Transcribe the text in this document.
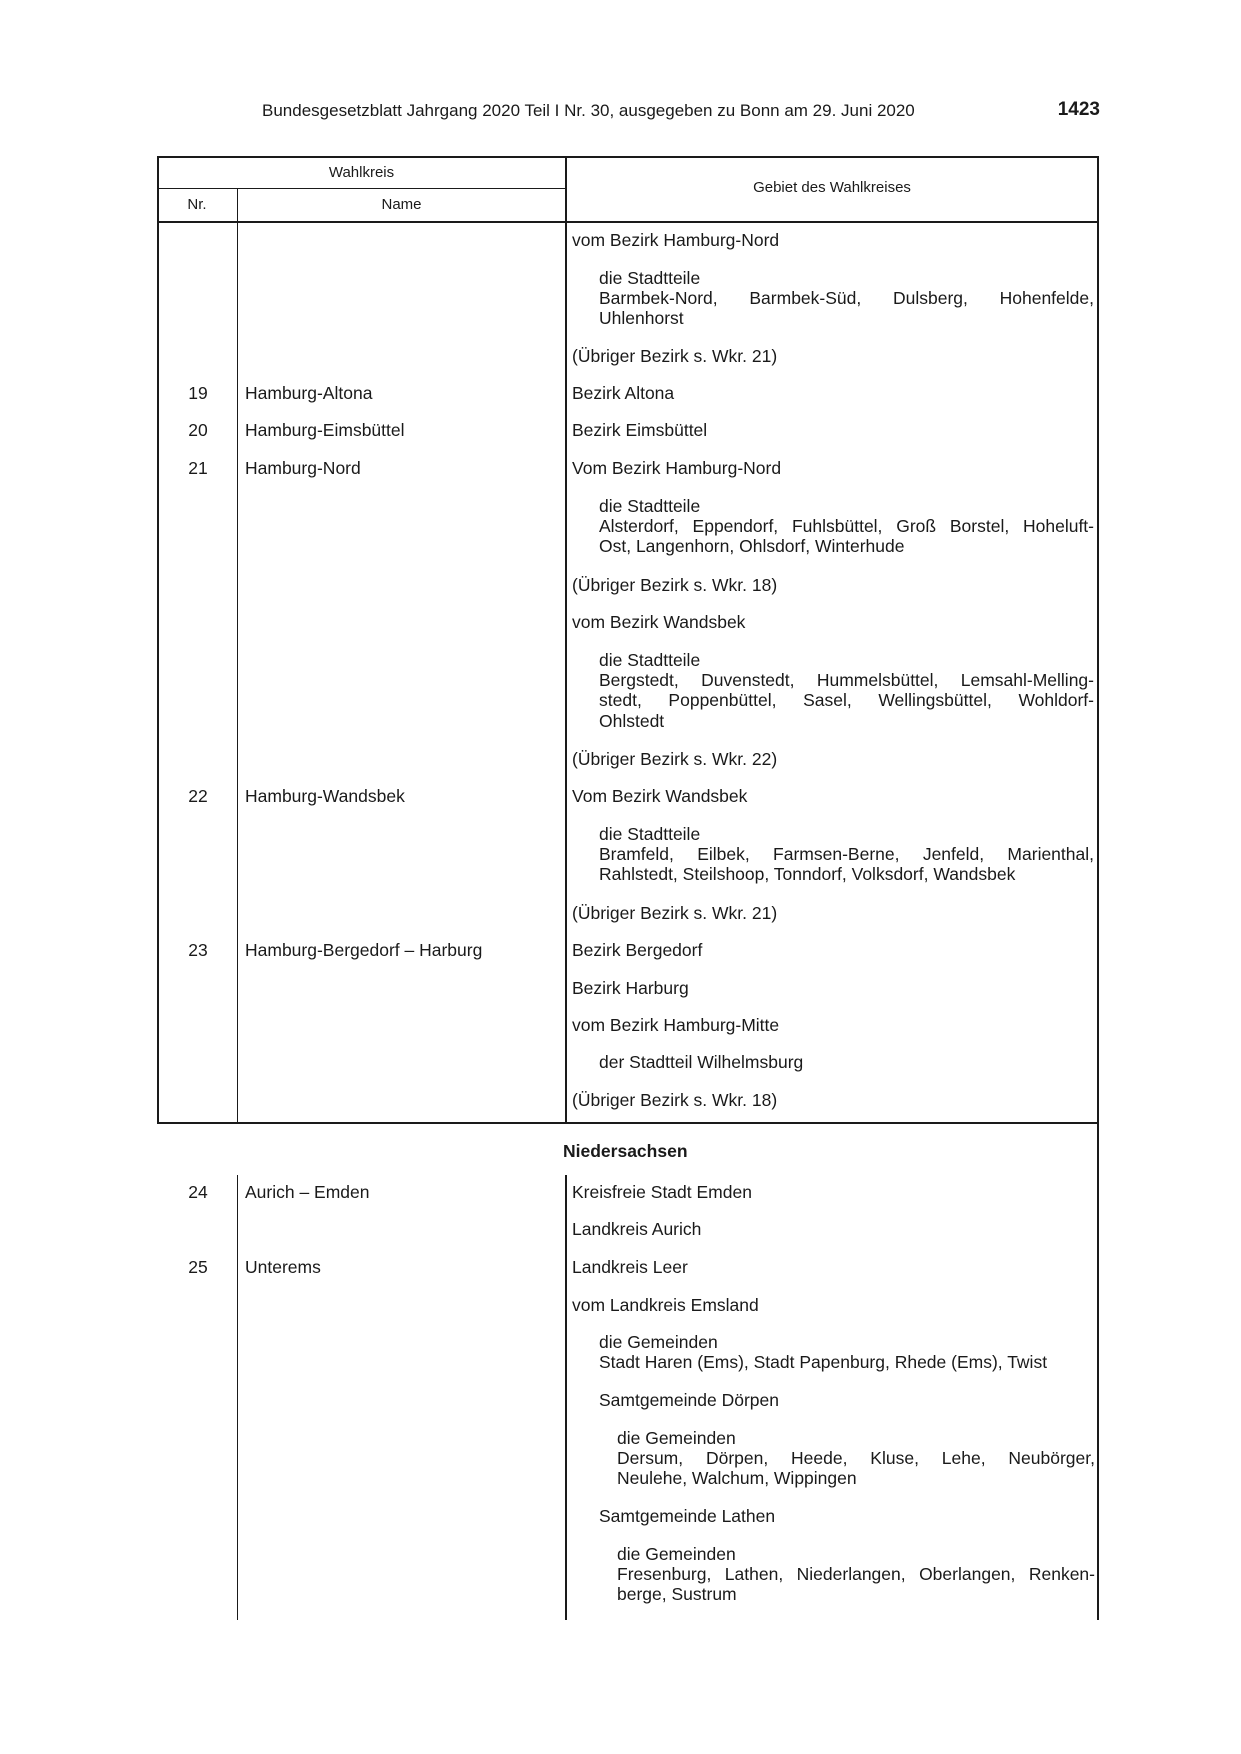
Bundesgesetzblatt Jahrgang 2020 Teil I Nr. 30, ausgegeben zu Bonn am 29. Juni 2020	1423
Wahlkreis
Nr.	Name
Gebiet des Wahlkreises
vom Bezirk Hamburg-Nord
die Stadtteile
Barmbek-Nord, Barmbek-Süd, Dulsberg, Hohenfelde,
Uhlenhorst
(Übriger Bezirk s. Wkr. 21)
19	Hamburg-Altona	Bezirk Altona
20	Hamburg-Eimsbüttel	Bezirk Eimsbüttel
21	Hamburg-Nord	Vom Bezirk Hamburg-Nord
die Stadtteile
Alsterdorf, Eppendorf, Fuhlsbüttel, Groß Borstel, Hoheluft-
Ost, Langenhorn, Ohlsdorf, Winterhude
(Übriger Bezirk s. Wkr. 18)
vom Bezirk Wandsbek
die Stadtteile
Bergstedt, Duvenstedt, Hummelsbüttel, Lemsahl-Melling-
stedt, Poppenbüttel, Sasel, Wellingsbüttel, Wohldorf-
Ohlstedt
(Übriger Bezirk s. Wkr. 22)
22	Hamburg-Wandsbek	Vom Bezirk Wandsbek
die Stadtteile
Bramfeld, Eilbek, Farmsen-Berne, Jenfeld, Marienthal,
Rahlstedt, Steilshoop, Tonndorf, Volksdorf, Wandsbek
(Übriger Bezirk s. Wkr. 21)
23	Hamburg-Bergedorf – Harburg	Bezirk Bergedorf
Bezirk Harburg
vom Bezirk Hamburg-Mitte
der Stadtteil Wilhelmsburg
(Übriger Bezirk s. Wkr. 18)
Niedersachsen
24	Aurich – Emden	Kreisfreie Stadt Emden
Landkreis Aurich
25	Unterems	Landkreis Leer
vom Landkreis Emsland
die Gemeinden
Stadt Haren (Ems), Stadt Papenburg, Rhede (Ems), Twist
Samtgemeinde Dörpen
die Gemeinden
Dersum, Dörpen, Heede, Kluse, Lehe, Neubörger,
Neulehe, Walchum, Wippingen
Samtgemeinde Lathen
die Gemeinden
Fresenburg, Lathen, Niederlangen, Oberlangen, Renken-
berge, Sustrum
